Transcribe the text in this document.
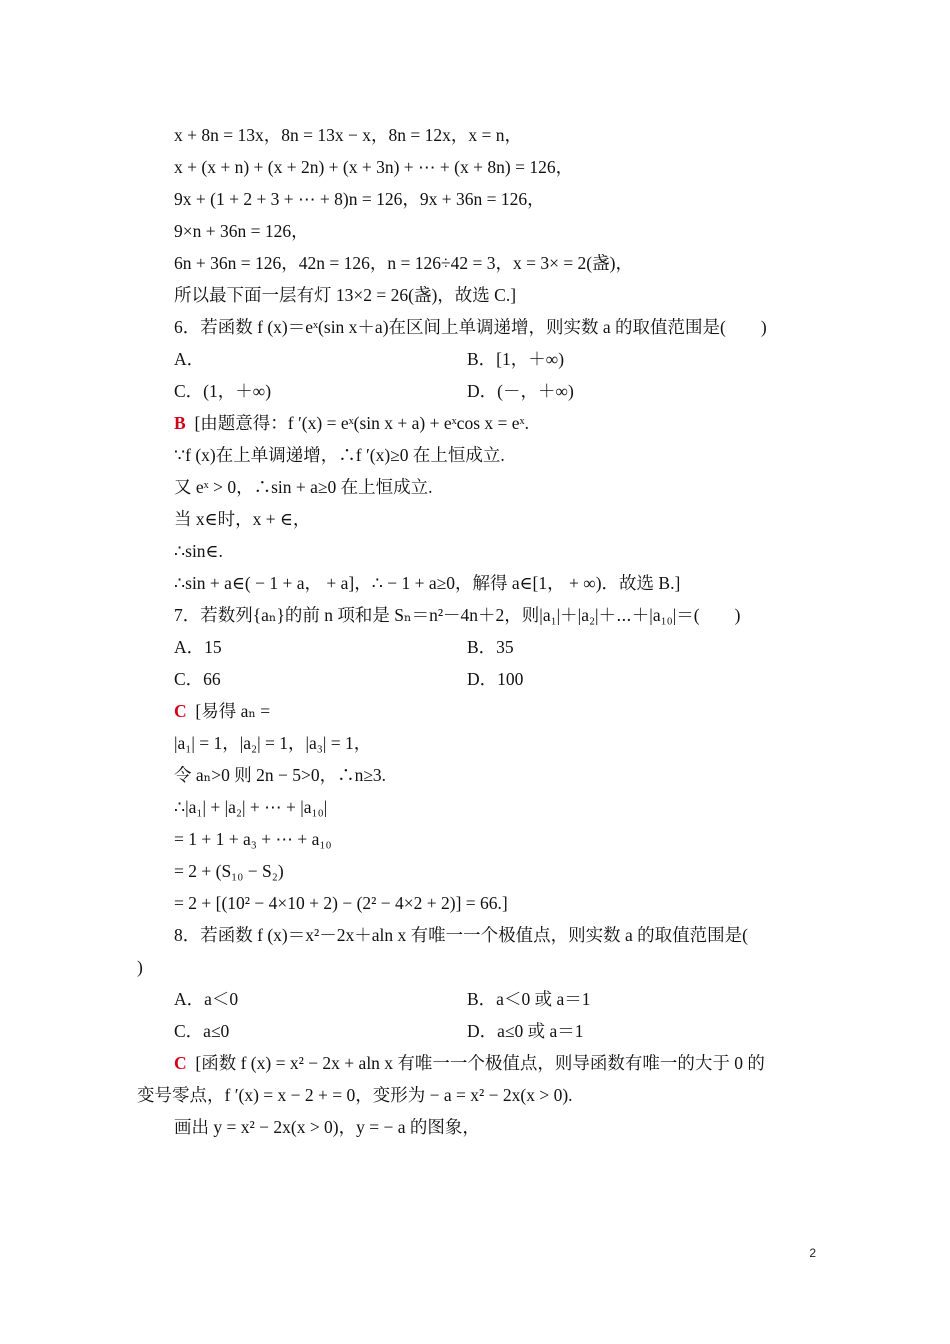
x + 8n = 13x，8n = 13x − x，8n = 12x，x = n，
x + (x + n) + (x + 2n) + (x + 3n) + ⋯ + (x + 8n) = 126，
9x + (1 + 2 + 3 + ⋯ + 8)n = 126，9x + 36n = 126，
9×n + 36n = 126，
6n + 36n = 126，42n = 126，n = 126÷42 = 3，x = 3× = 2(盏)，
所以最下面一层有灯 13×2 = 26(盏)，故选 C.]
6．若函数 f (x)＝eˣ(sin x＋a)在区间上单调递增，则实数 a 的取值范围是(　　)
A．	B．[1，＋∞)
C．(1，＋∞)	D．(－，＋∞)
B [由题意得：f ′(x) = eˣ(sin x + a) + eˣcos x = eˣ.
∵f (x)在上单调递增，∴f ′(x)≥0 在上恒成立.
又 eˣ > 0，∴sin + a≥0 在上恒成立.
当 x∈时，x + ∈，
∴sin∈.
∴sin + a∈( − 1 + a， + a]，∴ − 1 + a≥0，解得 a∈[1， + ∞)．故选 B.]
7．若数列{aₙ}的前 n 项和是 Sₙ＝n²－4n＋2，则|a₁|＋|a₂|＋⋯＋|a₁₀|＝(　　)
A．15	B．35
C．66	D．100
C [易得 aₙ =
|a₁| = 1，|a₂| = 1，|a₃| = 1，
令 aₙ>0 则 2n − 5>0，∴n≥3.
∴|a₁| + |a₂| + ⋯ + |a₁₀|
= 1 + 1 + a₃ + ⋯ + a₁₀
= 2 + (S₁₀ − S₂)
= 2 + [(10² − 4×10 + 2) − (2² − 4×2 + 2)] = 66.]
8．若函数 f (x)＝x²－2x＋aln x 有唯一一个极值点，则实数 a 的取值范围是(
)
A．a＜0	B．a＜0 或 a＝1
C．a≤0	D．a≤0 或 a＝1
C [函数 f (x) = x² − 2x + aln x 有唯一一个极值点，则导函数有唯一的大于 0 的
变号零点，f ′(x) = x − 2 + = 0，变形为 − a = x² − 2x(x > 0).
画出 y = x² − 2x(x > 0)，y = − a 的图象，
2
